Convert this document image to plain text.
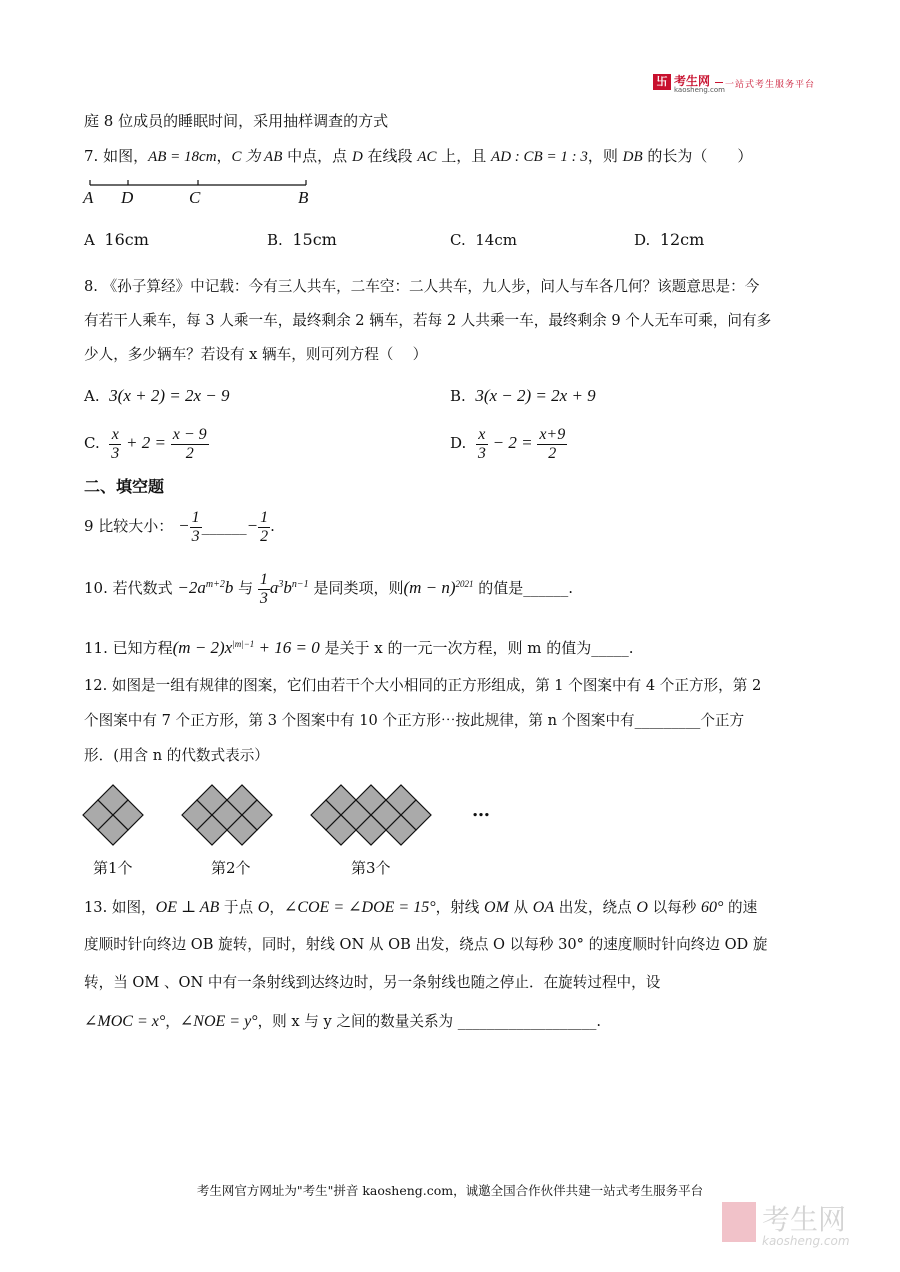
卐 考生网
kaosheng.com 一站式考生服务平台
庭 8 位成员的睡眠时间，采用抽样调查的方式
7. 如图，AB = 18cm，C 为 AB 中点，点 D 在线段 AC 上，且 AD : CB = 1 : 3，则 DB 的长为（　　）
A D	C	B
A 16cm	B. 15cm	C. 14cm	D. 12cm
8. 《孙子算经》中记载：今有三人共车，二车空：二人共车，九人步，问人与车各几何？该题意思是：今
有若干人乘车，每 3 人乘一车，最终剩余 2 辆车，若每 2 人共乘一车，最终剩余 9 个人无车可乘，问有多
少人，多少辆车？若设有 x 辆车，则可列方程（　 ）
A. 3(x + 2) = 2x − 9	B. 3(x − 2) = 2x + 9
C. $\frac{x}{3} + 2 = \frac{x - 9}{2}$	D. $\frac{x}{3} - 2 = \frac{x+9}{2}$
二、填空题
9 比较大小： − $\frac{1}{3}$ ______− $\frac{1}{2}$ .
10. 若代数式 $-2a^{m+2}b$ 与 $\frac{1}{3} a^3b^{n-1}$ 是同类项，则$(m - n)^{2021}$ 的值是______.
11. 已知方程$(m - 2)x^{|m|-1} + 16 = 0$ 是关于 x 的一元一次方程，则 m 的值为_____.
12. 如图是一组有规律的图案，它们由若干个大小相同的正方形组成，第 1 个图案中有 4 个正方形，第 2
个图案中有 7 个正方形，第 3 个图案中有 10 个正方形⋯按此规律，第 n 个图案中有_________个正方
形．(用含 n 的代数式表示）
…
第1个	第2个	第3个
13. 如图，OE ⊥ AB 于点 O，∠COE = ∠DOE = 15°，射线 OM 从 OA 出发，绕点 O 以每秒 60° 的速
度顺时针向终边 OB 旋转，同时，射线 ON 从 OB 出发，绕点 O 以每秒 30° 的速度顺时针向终边 OD 旋
转，当 OM 、ON 中有一条射线到达终边时，另一条射线也随之停止．在旋转过程中，设
∠MOC = x°，∠NOE = y°，则 x 与 y 之间的数量关系为 ___________________.
考生网官方网址为"考生"拼音 kaosheng.com，诚邀全国合作伙伴共建一站式考生服务平台
考生网
kaosheng.com
